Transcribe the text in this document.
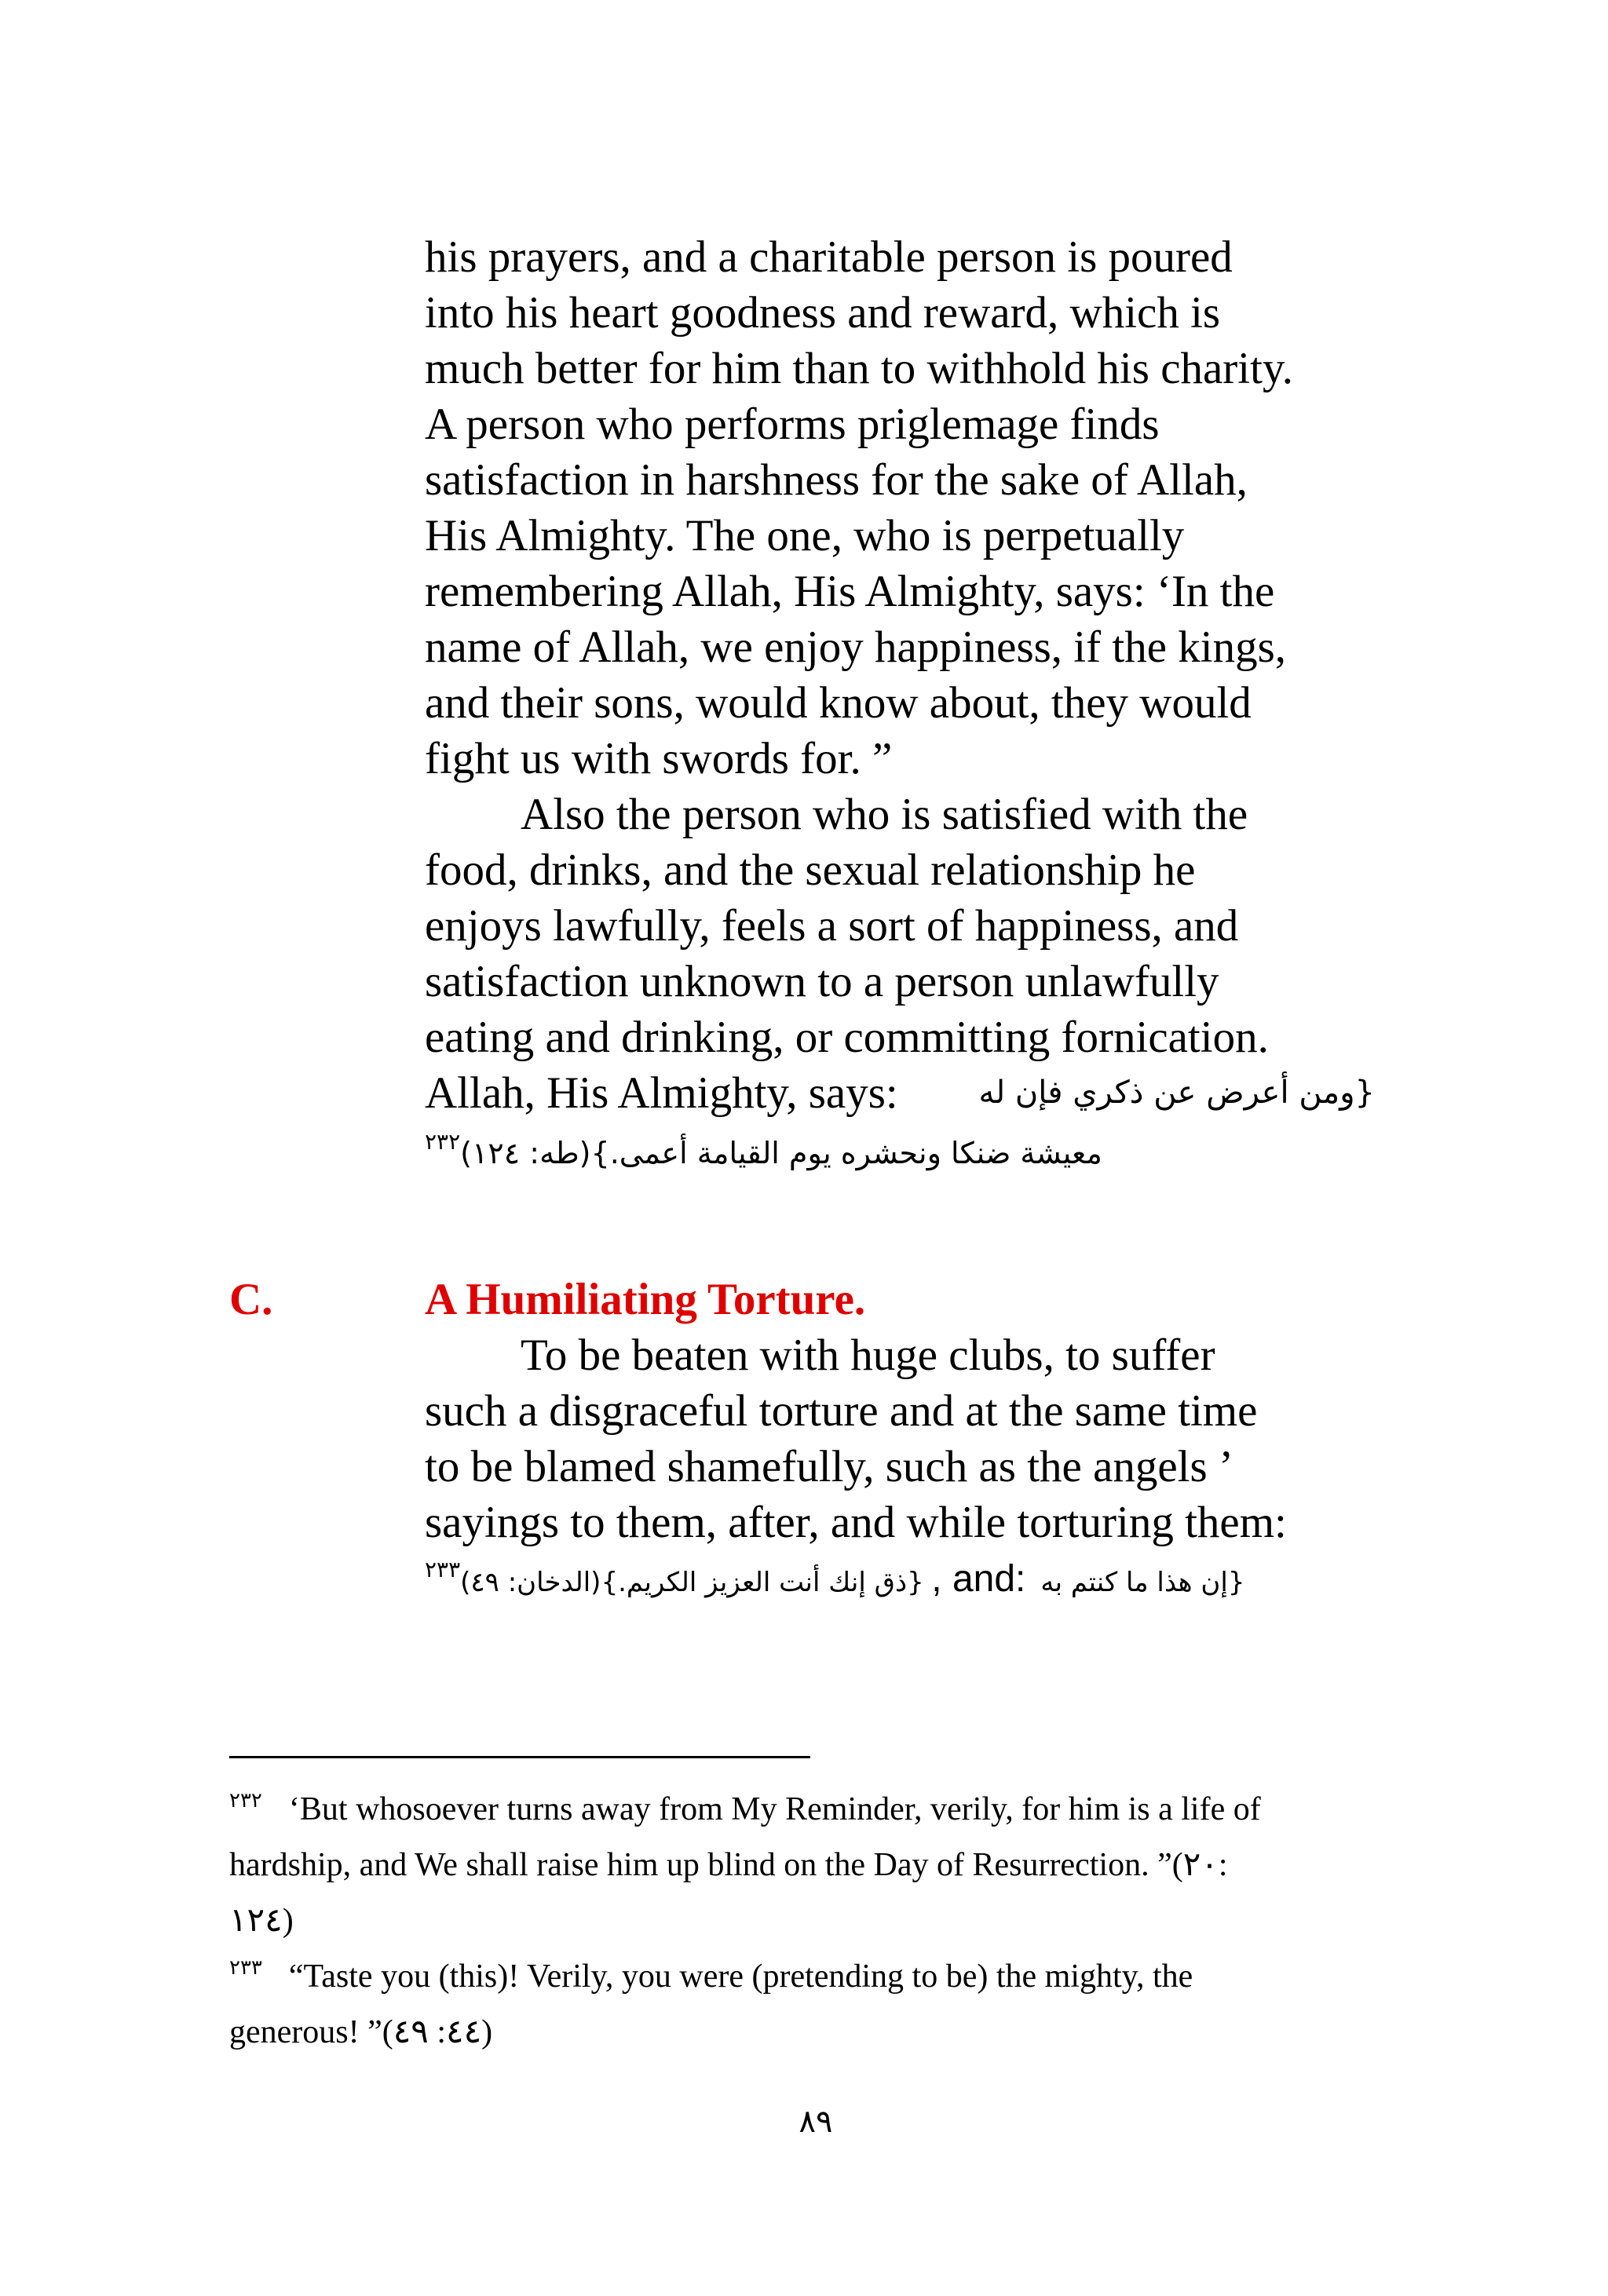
his prayers, and a charitable person is poured
into his heart goodness and reward, which is
much better for him than to withhold his charity.
A person who performs priglemage finds
satisfaction in harshness for the sake of Allah,
His Almighty. The one, who is perpetually
remembering Allah, His Almighty, says: ‘In the
name of Allah, we enjoy happiness, if the kings,
and their sons, would know about, they would
fight us with swords for. ”
Also the person who is satisfied with the
food, drinks, and the sexual relationship he
enjoys lawfully, feels a sort of happiness, and
satisfaction unknown to a person unlawfully
eating and drinking, or committing fornication.
Allah, His Almighty, says:	{ومن أعرض عن ذكري فإن له
معيشة ضنكا ونحشره يوم القيامة أعمى.}(طه: ١٢٤)$^{٢٣٢}$
C.	A Humiliating Torture.
To be beaten with huge clubs, to suffer
such a disgraceful torture and at the same time
to be blamed shamefully, such as the angels ’
sayings to them, after, and while torturing them:
$^{٢٣٣}${ذق إنك أنت العزيز الكريم.}(الدخان: ٤٩) , and: {إن هذا ما كنتم به
$^{٢٣٢}$ ‘But whosoever turns away from My Reminder, verily, for him is a life of
hardship, and We shall raise him up blind on the Day of Resurrection. ”(٢٠:
١٢٤)
$^{٢٣٣}$ “Taste you (this)! Verily, you were (pretending to be) the mighty, the
generous! ”(٤٤: ٤٩)
٨٩
